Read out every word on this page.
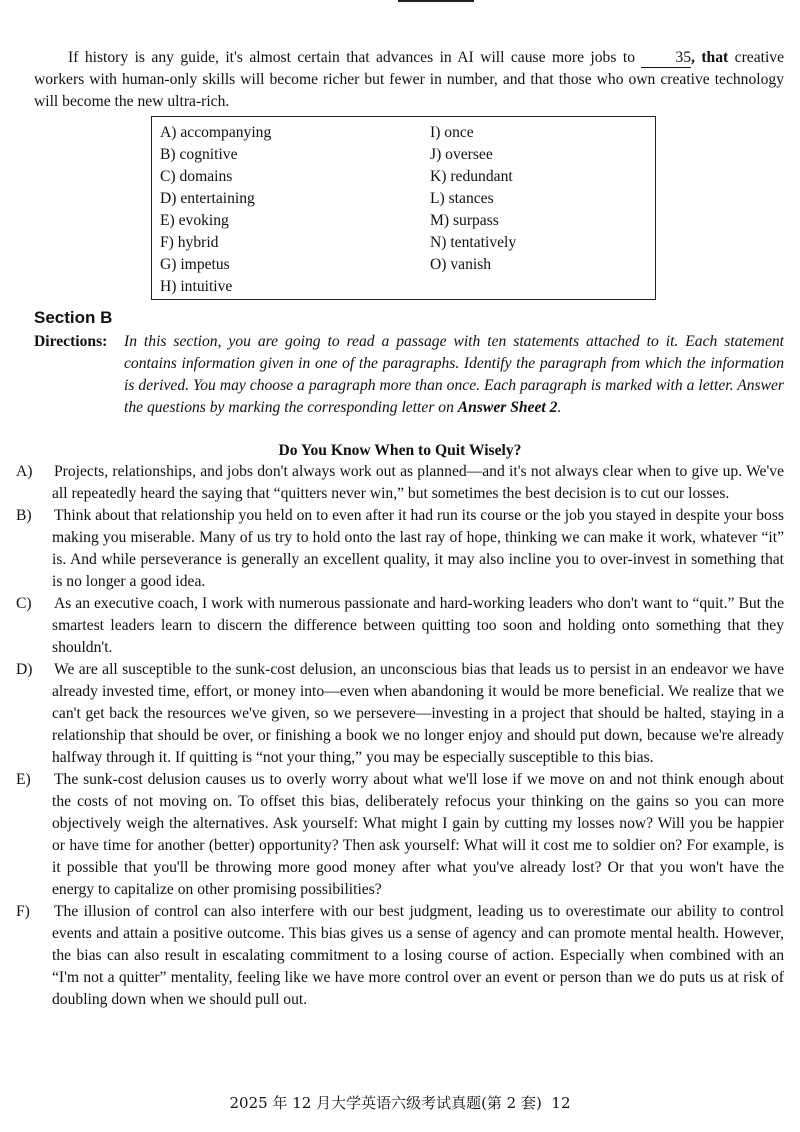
If history is any guide, it's almost certain that advances in AI will cause more jobs to 35, that creative workers with human-only skills will become richer but fewer in number, and that those who own creative technology will become the new ultra-rich.

A) accompanying
B) cognitive
C) domains
D) entertaining
E) evoking
F) hybrid
G) impetus
H) intuitive
I) once
J) oversee
K) redundant
L) stances
M) surpass
N) tentatively
O) vanish
Section B
Directions: In this section, you are going to read a passage with ten statements attached to it. Each statement contains information given in one of the paragraphs. Identify the paragraph from which the information is derived. You may choose a paragraph more than once. Each paragraph is marked with a letter. Answer the questions by marking the corresponding letter on Answer Sheet 2.
Do You Know When to Quit Wisely?

A) Projects, relationships, and jobs don't always work out as planned—and it's not always clear when to give up. We've all repeatedly heard the saying that “quitters never win,” but sometimes the best decision is to cut our losses.

B) Think about that relationship you held on to even after it had run its course or the job you stayed in despite your boss making you miserable. Many of us try to hold onto the last ray of hope, thinking we can make it work, whatever “it” is. And while perseverance is generally an excellent quality, it may also incline you to over-invest in something that is no longer a good idea.

C) As an executive coach, I work with numerous passionate and hard-working leaders who don't want to “quit.” But the smartest leaders learn to discern the difference between quitting too soon and holding onto something that they shouldn't.

D) We are all susceptible to the sunk-cost delusion, an unconscious bias that leads us to persist in an endeavor we have already invested time, effort, or money into—even when abandoning it would be more beneficial. We realize that we can't get back the resources we've given, so we persevere—investing in a project that should be halted, staying in a relationship that should be over, or finishing a book we no longer enjoy and should put down, because we're already halfway through it. If quitting is “not your thing,” you may be especially susceptible to this bias.

E) The sunk-cost delusion causes us to overly worry about what we'll lose if we move on and not think enough about the costs of not moving on. To offset this bias, deliberately refocus your thinking on the gains so you can more objectively weigh the alternatives. Ask yourself: What might I gain by cutting my losses now? Will you be happier or have time for another (better) opportunity? Then ask yourself: What will it cost me to soldier on? For example, is it possible that you'll be throwing more good money after what you've already lost? Or that you won't have the energy to capitalize on other promising possibilities?

F) The illusion of control can also interfere with our best judgment, leading us to overestimate our ability to control events and attain a positive outcome. This bias gives us a sense of agency and can promote mental health. However, the bias can also result in escalating commitment to a losing course of action. Especially when combined with an “I'm not a quitter” mentality, feeling like we have more control over an event or person than we do puts us at risk of doubling down when we should pull out.

2025 年 12 月大学英语六级考试真题(第 2 套) 12
